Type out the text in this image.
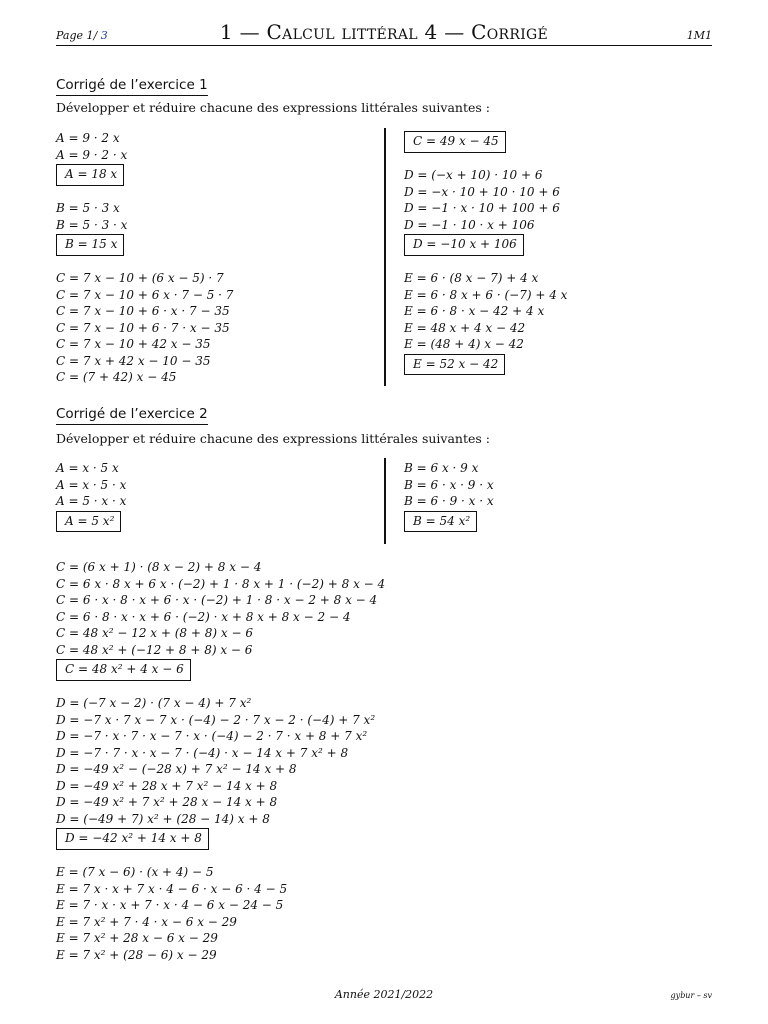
Page 1/ 3	1 — Calcul littéral 4 — Corrigé	1M1
Corrigé de l’exercice 1
Développer et réduire chacune des expressions littérales suivantes :
A = 9 · 2 x
A = 9 · 2 · x
A = 18 x
B = 5 · 3 x
B = 5 · 3 · x
B = 15 x
C = 7 x − 10 + (6 x − 5) · 7
C = 7 x − 10 + 6 x · 7 − 5 · 7
C = 7 x − 10 + 6 · x · 7 − 35
C = 7 x − 10 + 6 · 7 · x − 35
C = 7 x − 10 + 42 x − 35
C = 7 x + 42 x − 10 − 35
C = (7 + 42) x − 45
C = 49 x − 45
D = (−x + 10) · 10 + 6
D = −x · 10 + 10 · 10 + 6
D = −1 · x · 10 + 100 + 6
D = −1 · 10 · x + 106
D = −10 x + 106
E = 6 · (8 x − 7) + 4 x
E = 6 · 8 x + 6 · (−7) + 4 x
E = 6 · 8 · x − 42 + 4 x
E = 48 x + 4 x − 42
E = (48 + 4) x − 42
E = 52 x − 42
Corrigé de l’exercice 2
Développer et réduire chacune des expressions littérales suivantes :
A = x · 5 x
A = x · 5 · x
A = 5 · x · x
A = 5 x²
B = 6 x · 9 x
B = 6 · x · 9 · x
B = 6 · 9 · x · x
B = 54 x²
C = (6 x + 1) · (8 x − 2) + 8 x − 4
C = 6 x · 8 x + 6 x · (−2) + 1 · 8 x + 1 · (−2) + 8 x − 4
C = 6 · x · 8 · x + 6 · x · (−2) + 1 · 8 · x − 2 + 8 x − 4
C = 6 · 8 · x · x + 6 · (−2) · x + 8 x + 8 x − 2 − 4
C = 48 x² − 12 x + (8 + 8) x − 6
C = 48 x² + (−12 + 8 + 8) x − 6
C = 48 x² + 4 x − 6
D = (−7 x − 2) · (7 x − 4) + 7 x²
D = −7 x · 7 x − 7 x · (−4) − 2 · 7 x − 2 · (−4) + 7 x²
D = −7 · x · 7 · x − 7 · x · (−4) − 2 · 7 · x + 8 + 7 x²
D = −7 · 7 · x · x − 7 · (−4) · x − 14 x + 7 x² + 8
D = −49 x² − (−28 x) + 7 x² − 14 x + 8
D = −49 x² + 28 x + 7 x² − 14 x + 8
D = −49 x² + 7 x² + 28 x − 14 x + 8
D = (−49 + 7) x² + (28 − 14) x + 8
D = −42 x² + 14 x + 8
E = (7 x − 6) · (x + 4) − 5
E = 7 x · x + 7 x · 4 − 6 · x − 6 · 4 − 5
E = 7 · x · x + 7 · x · 4 − 6 x − 24 − 5
E = 7 x² + 7 · 4 · x − 6 x − 29
E = 7 x² + 28 x − 6 x − 29
E = 7 x² + (28 − 6) x − 29
Année 2021/2022	gybur – sv
